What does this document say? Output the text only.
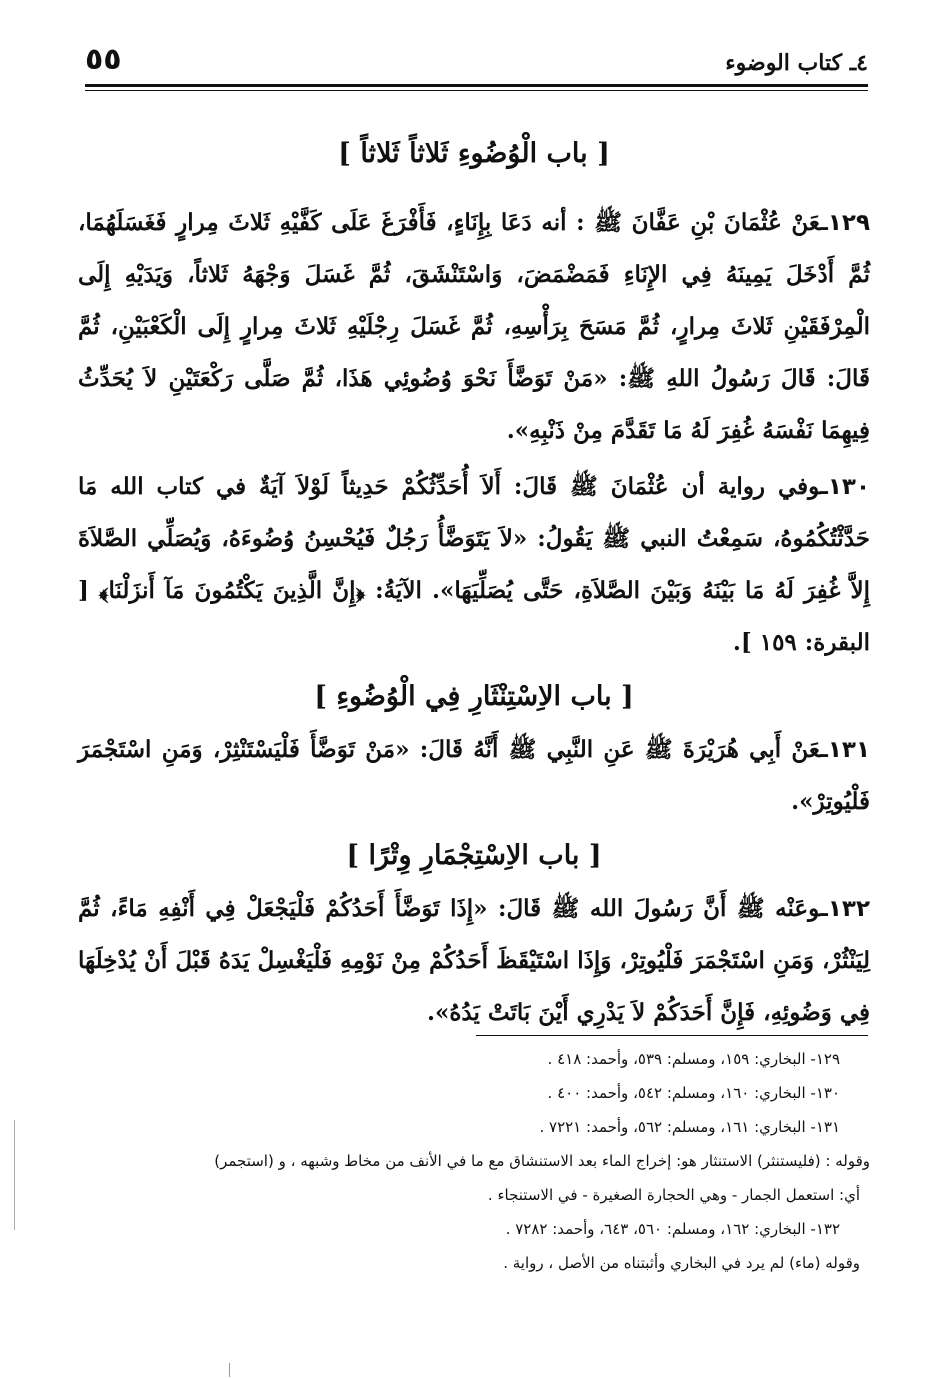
٤ـ كتاب الوضوء
٥٥
[ باب الْوُضُوءِ ثَلاثاً ثَلاثاً ]

١٢٩ـعَنْ عُثْمَانَ بْنِ عَفَّانَ ﷺ : أنه دَعَا بِإِنَاءٍ، فَأَفْرَغَ عَلَى كَفَّيْهِ ثَلاثَ مِرارٍ فَغَسَلَهُمَا، ثُمَّ أَدْخَلَ يَمِينَهُ فِي الإِنَاءِ فَمَضْمَضَ، وَاسْتَنْشَقَ، ثُمَّ غَسَلَ وَجْهَهُ ثَلاثاً، وَيَدَيْهِ إِلَى الْمِرْفَقَيْنِ ثَلاثَ مِرارٍ، ثُمَّ مَسَحَ بِرَأْسِهِ، ثُمَّ غَسَلَ رِجْلَيْهِ ثَلاثَ مِرارٍ إِلَى الْكَعْبَيْنِ، ثُمَّ قَالَ: قَالَ رَسُولُ اللهِ ﷺ: «مَنْ تَوَضَّأَ نَحْوَ وُضُوئِي هَذَا، ثُمَّ صَلَّى رَكْعَتَيْنِ لاَ يُحَدِّثُ فِيهِمَا نَفْسَهُ غُفِرَ لَهُ مَا تَقَدَّمَ مِنْ ذَنْبِهِ».

١٣٠ـوفي رواية أن عُثْمَانَ ﷺ قَالَ: أَلاَ أُحَدِّثُكُمْ حَدِيثاً لَوْلاَ آيَةٌ في كتاب الله مَا حَدَّثْتُكُمُوهُ، سَمِعْتُ النبي ﷺ يَقُولُ: «لاَ يَتَوَضَّأُ رَجُلٌ فَيُحْسِنُ وُضُوءَهُ، وَيُصَلِّي الصَّلاَةَ إِلاَّ غُفِرَ لَهُ مَا بَيْنَهُ وَبَيْنَ الصَّلاَةِ، حَتَّى يُصَلِّيَهَا». الآيَةُ: ﴿إِنَّ الَّذِينَ يَكْتُمُونَ مَآ أَنزَلْنَا﴾ [ البقرة: ١٥٩ ].

[ باب الاِسْتِنْثَارِ فِي الْوُضُوءِ ]

١٣١ـعَنْ أَبِي هُرَيْرَةَ ﷺ عَنِ النَّبِي ﷺ أَنَّهُ قَالَ: «مَنْ تَوَضَّأَ فَلْيَسْتَنْثِرْ، وَمَنِ اسْتَجْمَرَ فَلْيُوتِرْ».

[ باب الاِسْتِجْمَارِ وِتْرًا ]

١٣٢ـوعَنْه ﷺ أَنَّ رَسُولَ الله ﷺ قَالَ: «إِذَا تَوَضَّأَ أَحَدُكُمْ فَلْيَجْعَلْ فِي أَنْفِهِ مَاءً، ثُمَّ لِيَنْثُرْ، وَمَنِ اسْتَجْمَرَ فَلْيُوتِرْ، وَإِذَا اسْتَيْقَظَ أَحَدُكُمْ مِنْ نَوْمِهِ فَلْيَغْسِلْ يَدَهُ قَبْلَ أَنْ يُدْخِلَهَا فِي وَضُوئِهِ، فَإِنَّ أَحَدَكُمْ لاَ يَدْرِي أَيْنَ بَاتَتْ يَدُهُ».

١٢٩- البخاري: ١٥٩، ومسلم: ٥٣٩، وأحمد: ٤١٨ .

١٣٠- البخاري: ١٦٠، ومسلم: ٥٤٢، وأحمد: ٤٠٠ .

١٣١- البخاري: ١٦١، ومسلم: ٥٦٢، وأحمد: ٧٢٢١ .

وقوله : (فليستنثر) الاستنثار هو: إخراج الماء بعد الاستنشاق مع ما في الأنف من مخاط وشبهه ، و (استجمر)

أي: استعمل الجمار - وهي الحجارة الصغيرة - في الاستنجاء .

١٣٢- البخاري: ١٦٢، ومسلم: ٥٦٠، ٦٤٣، وأحمد: ٧٢٨٢ .

وقوله (ماء) لم يرد في البخاري وأثبتناه من الأصل ، رواية .
